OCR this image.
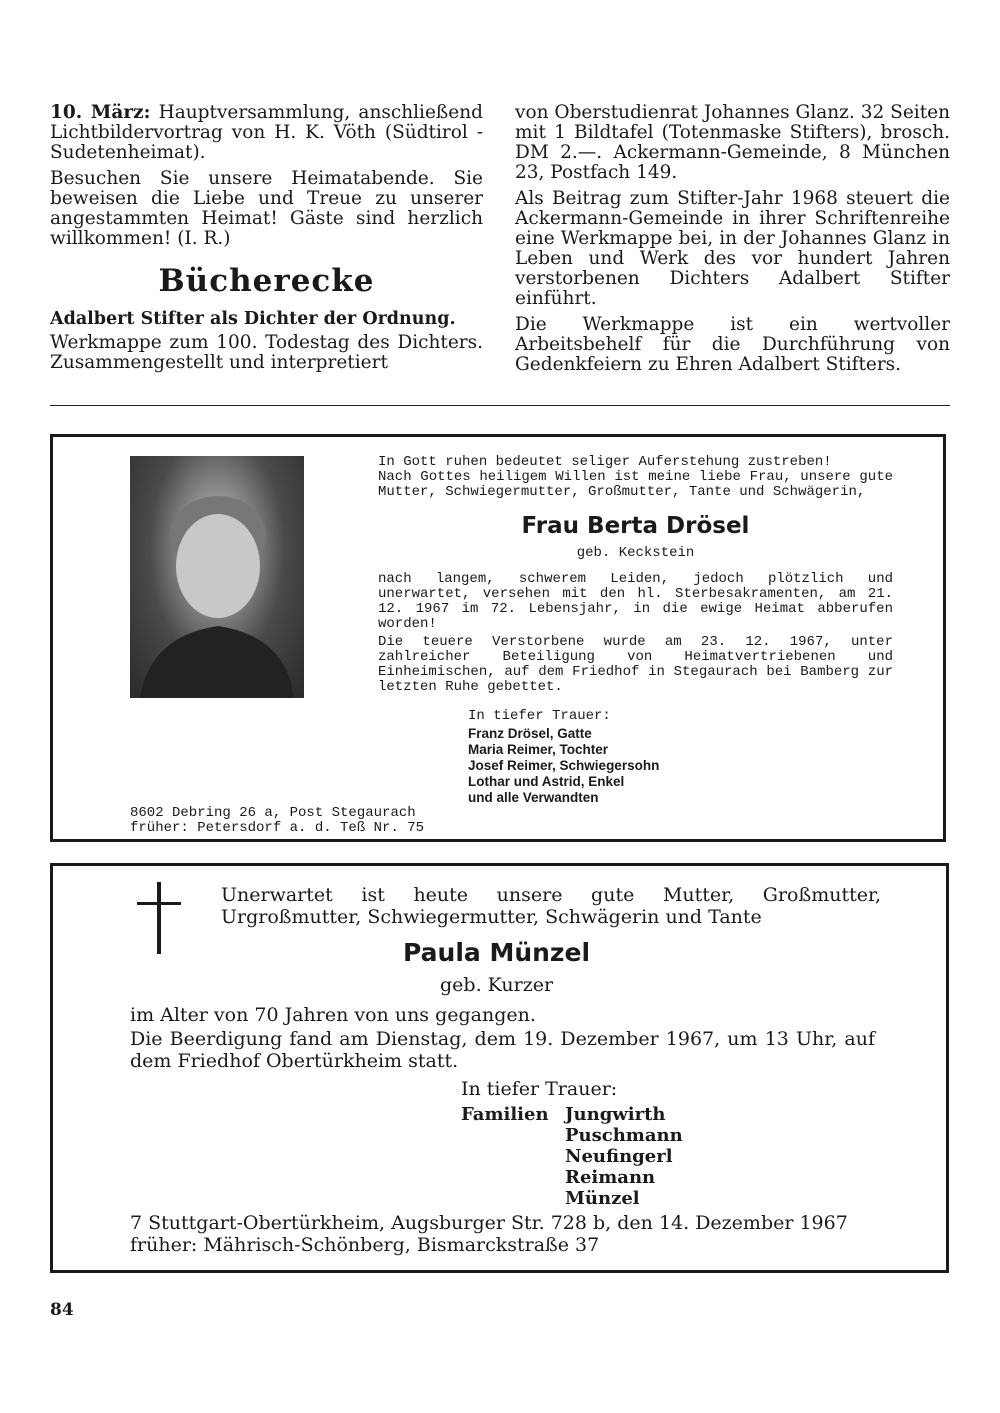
10. März: Hauptversammlung, anschließend Lichtbildervortrag von H. K. Vöth (Südtirol - Sudetenheimat).

Besuchen Sie unsere Heimatabende. Sie beweisen die Liebe und Treue zu unserer angestammten Heimat! Gäste sind herzlich willkommen! (I. R.)

Bücherecke
Adalbert Stifter als Dichter der Ordnung.

Werkmappe zum 100. Todestag des Dichters. Zusammengestellt und interpretiert

von Oberstudienrat Johannes Glanz. 32 Seiten mit 1 Bildtafel (Totenmaske Stifters), brosch. DM 2.—. Ackermann-Gemeinde, 8 München 23, Postfach 149.

Als Beitrag zum Stifter-Jahr 1968 steuert die Ackermann-Gemeinde in ihrer Schriftenreihe eine Werkmappe bei, in der Johannes Glanz in Leben und Werk des vor hundert Jahren verstorbenen Dichters Adalbert Stifter einführt.

Die Werkmappe ist ein wertvoller Arbeitsbehelf für die Durchführung von Gedenkfeiern zu Ehren Adalbert Stifters.

In Gott ruhen bedeutet seliger Auferstehung zustreben!
Nach Gottes heiligem Willen ist meine liebe Frau, unsere gute Mutter, Schwiegermutter, Großmutter, Tante und Schwägerin,
Frau Berta Drösel
geb. Keckstein
nach langem, schwerem Leiden, jedoch plötzlich und unerwartet, versehen mit den hl. Sterbesakramenten, am 21. 12. 1967 im 72. Lebensjahr, in die ewige Heimat abberufen worden!
Die teuere Verstorbene wurde am 23. 12. 1967, unter zahlreicher Beteiligung von Heimatvertriebenen und Einheimischen, auf dem Friedhof in Stegaurach bei Bamberg zur letzten Ruhe gebettet.
In tiefer Trauer:
Franz Drösel, Gatte
Maria Reimer, Tochter
Josef Reimer, Schwiegersohn
Lothar und Astrid, Enkel
und alle Verwandten
8602 Debring 26 a, Post Stegaurach
früher: Petersdorf a. d. Teß Nr. 75
Unerwartet ist heute unsere gute Mutter, Großmutter, Urgroßmutter, Schwiegermutter, Schwägerin und Tante
Paula Münzel
geb. Kurzer
im Alter von 70 Jahren von uns gegangen.
Die Beerdigung fand am Dienstag, dem 19. Dezember 1967, um 13 Uhr, auf dem Friedhof Obertürkheim statt.
In tiefer Trauer:
Familien Jungwirth
Puschmann
Neufingerl
Reimann
Münzel
7 Stuttgart-Obertürkheim, Augsburger Str. 728 b, den 14. Dezember 1967
früher: Mährisch-Schönberg, Bismarckstraße 37
84
